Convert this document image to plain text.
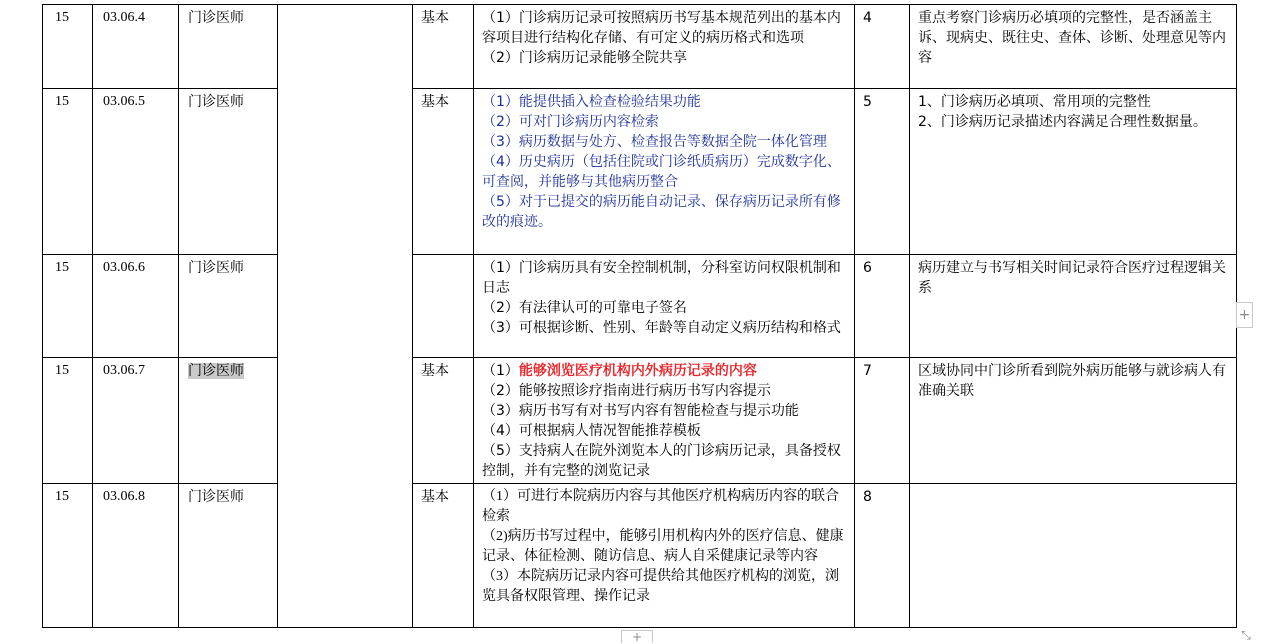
15	03.06.4	门诊医师		基本	（1）门诊病历记录可按照病历书写基本规范列出的基本内容项目进行结构化存储、有可定义的病历格式和选项
（2）门诊病历记录能够全院共享	4	重点考察门诊病历必填项的完整性，是否涵盖主诉、现病史、既往史、查体、诊断、处理意见等内容

15	03.06.5	门诊医师		基本	（1）能提供插入检查检验结果功能
（2）可对门诊病历内容检索
（3）病历数据与处方、检查报告等数据全院一体化管理
（4）历史病历（包括住院或门诊纸质病历）完成数字化、可查阅，并能够与其他病历整合
（5）对于已提交的病历能自动记录、保存病历记录所有修改的痕迹。	5	1、门诊病历必填项、常用项的完整性
2、门诊病历记录描述内容满足合理性数据量。

15	03.06.6	门诊医师			（1）门诊病历具有安全控制机制，分科室访问权限机制和日志
（2）有法律认可的可靠电子签名
（3）可根据诊断、性别、年龄等自动定义病历结构和格式	6	病历建立与书写相关时间记录符合医疗过程逻辑关系

15	03.06.7	门诊医师		基本	（1）能够浏览医疗机构内外病历记录的内容
（2）能够按照诊疗指南进行病历书写内容提示
（3）病历书写有对书写内容有智能检查与提示功能
（4）可根据病人情况智能推荐模板
（5）支持病人在院外浏览本人的门诊病历记录，具备授权控制，并有完整的浏览记录	7	区域协同中门诊所看到院外病历能够与就诊病人有准确关联

15	03.06.8	门诊医师		基本	（1）可进行本院病历内容与其他医疗机构病历内容的联合检索
（2)病历书写过程中，能够引用机构内外的医疗信息、健康记录、体征检测、随访信息、病人自采健康记录等内容
（3）本院病历记录内容可提供给其他医疗机构的浏览，浏览具备权限管理、操作记录	8	
+
+	⤡
